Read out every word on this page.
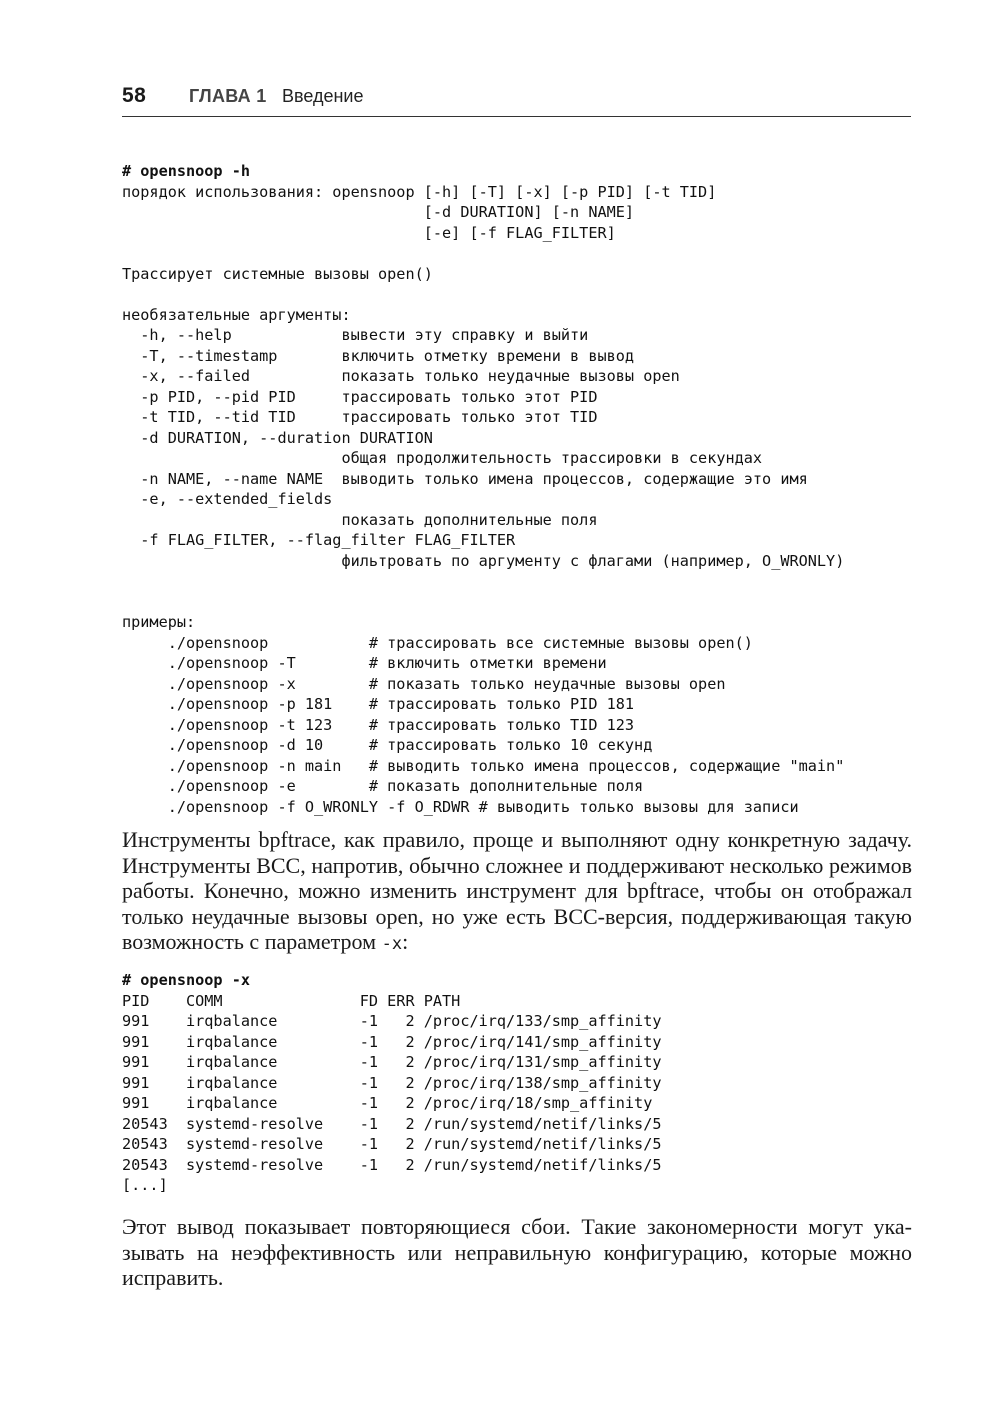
58 ГЛАВА 1 Введение
# opensnoop -h
порядок использования: opensnoop [-h] [-T] [-x] [-p PID] [-t TID]
[-d DURATION] [-n NAME]
[-e] [-f FLAG_FILTER]

Трассирует системные вызовы open()

необязательные аргументы:
-h, --help            вывести эту справку и выйти
-T, --timestamp       включить отметку времени в вывод
-x, --failed          показать только неудачные вызовы open
-p PID, --pid PID     трассировать только этот PID
-t TID, --tid TID     трассировать только этот TID
-d DURATION, --duration DURATION
общая продолжительность трассировки в секундах
-n NAME, --name NAME  выводить только имена процессов, содержащие это имя
-e, --extended_fields
показать дополнительные поля
-f FLAG_FILTER, --flag_filter FLAG_FILTER
фильтровать по аргументу с флагами (например, O_WRONLY)

примеры:
./opensnoop           # трассировать все системные вызовы open()
./opensnoop -T        # включить отметки времени
./opensnoop -x        # показать только неудачные вызовы open
./opensnoop -p 181    # трассировать только PID 181
./opensnoop -t 123    # трассировать только TID 123
./opensnoop -d 10     # трассировать только 10 секунд
./opensnoop -n main   # выводить только имена процессов, содержащие "main"
./opensnoop -e        # показать дополнительные поля
./opensnoop -f O_WRONLY -f O_RDWR # выводить только вызовы для записи
Инструменты bpftrace, как правило, проще и выполняют одну конкретную задачу.
Инструменты BCC, напротив, обычно сложнее и поддерживают несколько режимов
работы. Конечно, можно изменить инструмент для bpftrace, чтобы он отображал
только неудачные вызовы open, но уже есть BCC-версия, поддерживающая такую
возможность с параметром -x:
# opensnoop -x
PID    COMM               FD ERR PATH
991    irqbalance         -1   2 /proc/irq/133/smp_affinity
991    irqbalance         -1   2 /proc/irq/141/smp_affinity
991    irqbalance         -1   2 /proc/irq/131/smp_affinity
991    irqbalance         -1   2 /proc/irq/138/smp_affinity
991    irqbalance         -1   2 /proc/irq/18/smp_affinity
20543  systemd-resolve    -1   2 /run/systemd/netif/links/5
20543  systemd-resolve    -1   2 /run/systemd/netif/links/5
20543  systemd-resolve    -1   2 /run/systemd/netif/links/5
[...]
Этот вывод показывает повторяющиеся сбои. Такие закономерности могут ука-
зывать на неэффективность или неправильную конфигурацию, которые можно
исправить.
